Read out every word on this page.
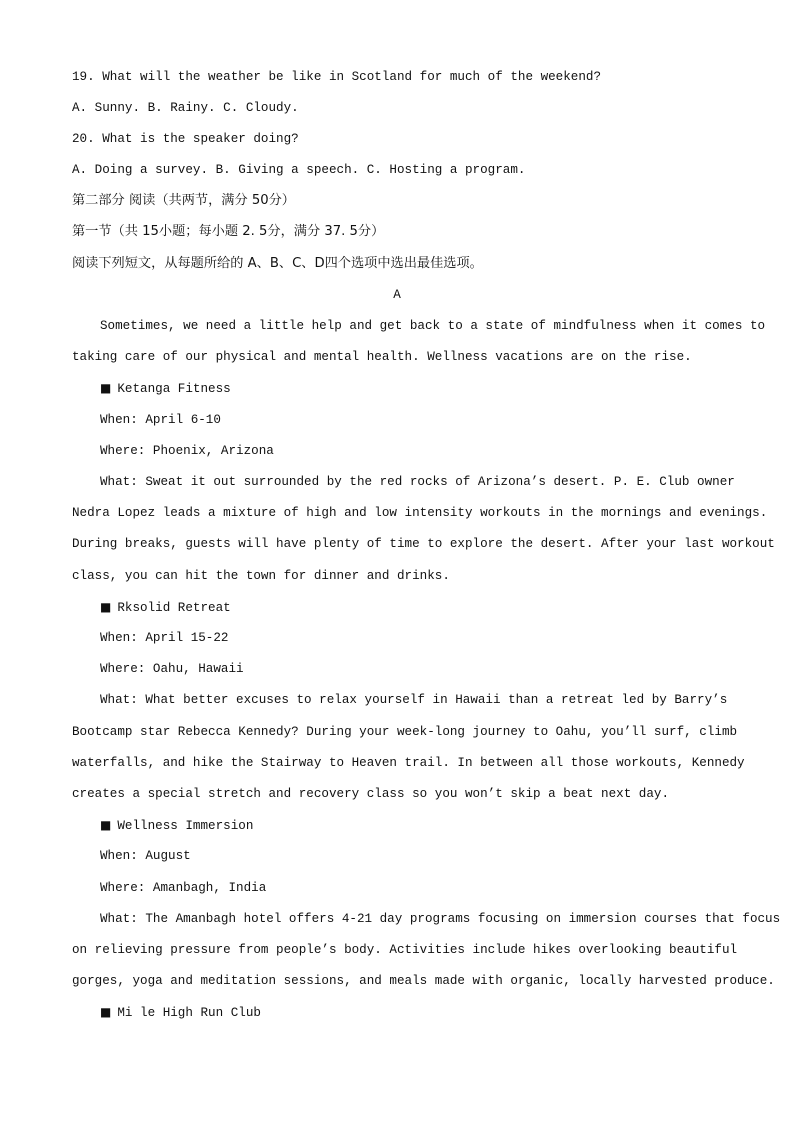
19. What will the weather be like in Scotland for much of the weekend?
A. Sunny. B. Rainy. C. Cloudy.
20. What is the speaker doing?
A. Doing a survey. B. Giving a speech. C. Hosting a program.
第二部分 阅读（共两节，满分 50分）
第一节（共 15小题；每小题 2. 5分，满分 37. 5分）
阅读下列短文，从每题所给的 A、B、C、D四个选项中选出最佳选项。
A
Sometimes, we need a little help and get back to a state of mindfulness when it comes to
taking care of our physical and mental health. Wellness vacations are on the rise.
■ Ketanga Fitness
When: April 6-10
Where: Phoenix, Arizona
What: Sweat it out surrounded by the red rocks of Arizona’s desert. P. E. Club owner
Nedra Lopez leads a mixture of high and low intensity workouts in the mornings and evenings.
During breaks, guests will have plenty of time to explore the desert. After your last workout
class, you can hit the town for dinner and drinks.
■ Rksolid Retreat
When: April 15-22
Where: Oahu, Hawaii
What: What better excuses to relax yourself in Hawaii than a retreat led by Barry’s
Bootcamp star Rebecca Kennedy? During your week-long journey to Oahu, you’ll surf, climb
waterfalls, and hike the Stairway to Heaven trail. In between all those workouts, Kennedy
creates a special stretch and recovery class so you won’t skip a beat next day.
■ Wellness Immersion
When: August
Where: Amanbagh, India
What: The Amanbagh hotel offers 4-21 day programs focusing on immersion courses that focus
on relieving pressure from people’s body. Activities include hikes overlooking beautiful
gorges, yoga and meditation sessions, and meals made with organic, locally harvested produce.
■ Mi le High Run Club
